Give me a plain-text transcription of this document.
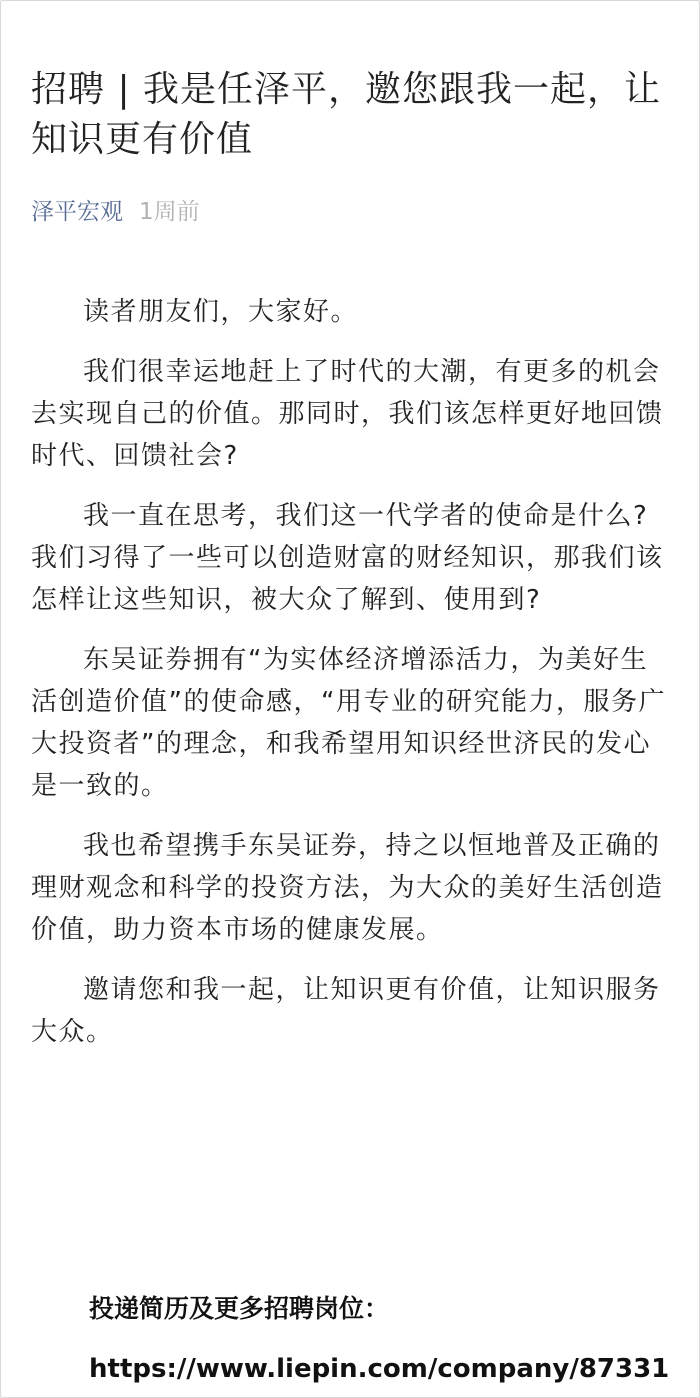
招聘 | 我是任泽平，邀您跟我一起，让知识更有价值
泽平宏观 1周前

读者朋友们，大家好。

我们很幸运地赶上了时代的大潮，有更多的机会去实现自己的价值。那同时，我们该怎样更好地回馈时代、回馈社会?

我一直在思考，我们这一代学者的使命是什么? 我们习得了一些可以创造财富的财经知识，那我们该怎样让这些知识，被大众了解到、使用到?

东吴证券拥有“为实体经济增添活力，为美好生活创造价值”的使命感，“用专业的研究能力，服务广大投资者”的理念，和我希望用知识经世济民的发心是一致的。

我也希望携手东吴证券，持之以恒地普及正确的理财观念和科学的投资方法，为大众的美好生活创造价值，助力资本市场的健康发展。

邀请您和我一起，让知识更有价值，让知识服务大众。

投递简历及更多招聘岗位：
https://www.liepin.com/company/87331
